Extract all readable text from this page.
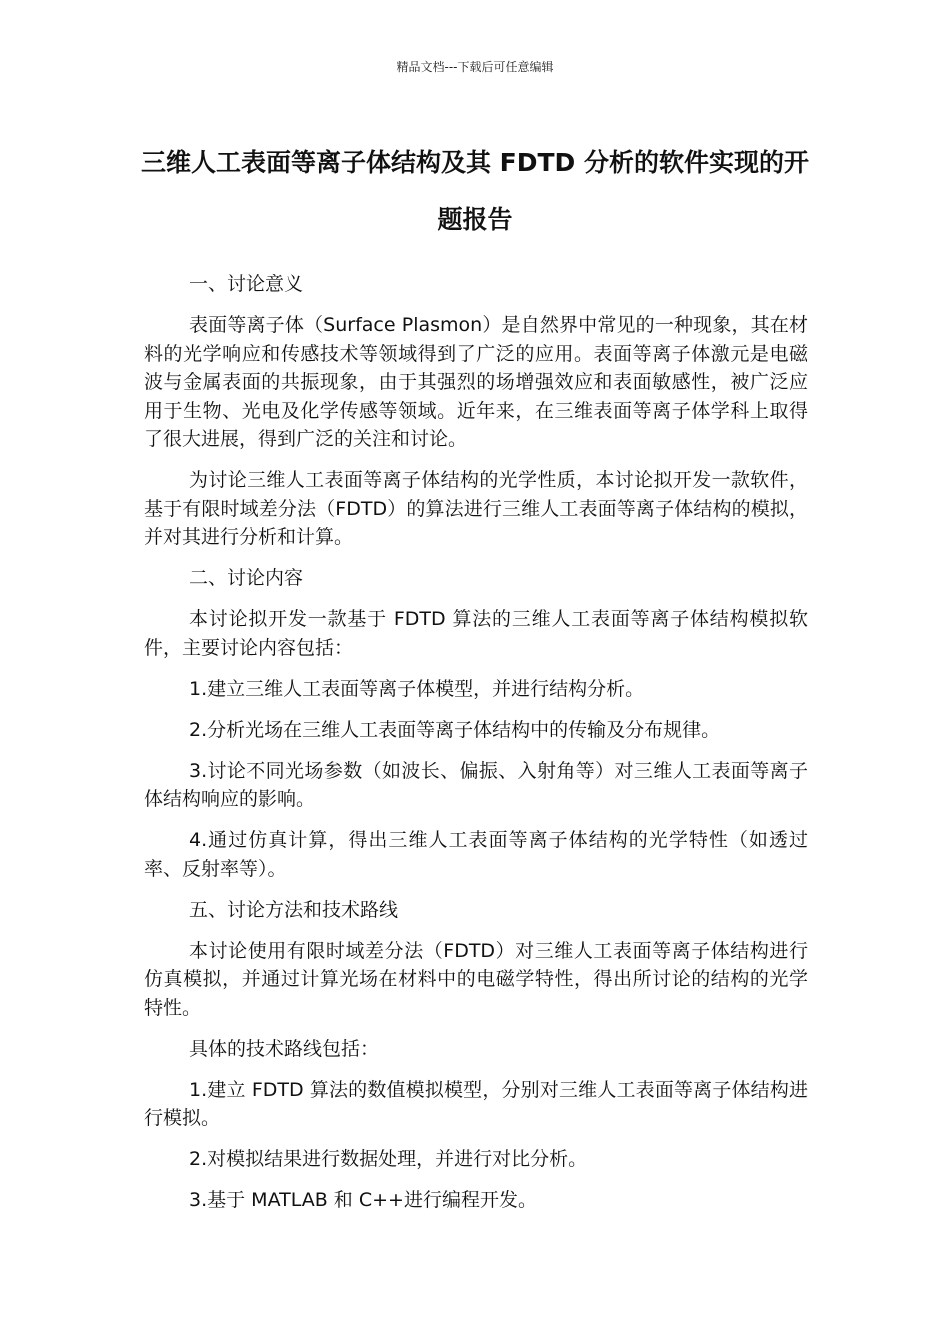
精品文档---下载后可任意编辑
三维人工表面等离子体结构及其 FDTD 分析的软件实现的开题报告

一、讨论意义

表面等离子体（Surface Plasmon）是自然界中常见的一种现象，其在材料的光学响应和传感技术等领域得到了广泛的应用。表面等离子体激元是电磁波与金属表面的共振现象，由于其强烈的场增强效应和表面敏感性，被广泛应用于生物、光电及化学传感等领域。近年来，在三维表面等离子体学科上取得了很大进展，得到广泛的关注和讨论。

为讨论三维人工表面等离子体结构的光学性质，本讨论拟开发一款软件，基于有限时域差分法（FDTD）的算法进行三维人工表面等离子体结构的模拟，并对其进行分析和计算。

二、讨论内容

本讨论拟开发一款基于 FDTD 算法的三维人工表面等离子体结构模拟软件，主要讨论内容包括：

1.建立三维人工表面等离子体模型，并进行结构分析。

2.分析光场在三维人工表面等离子体结构中的传输及分布规律。

3.讨论不同光场参数（如波长、偏振、入射角等）对三维人工表面等离子体结构响应的影响。

4.通过仿真计算，得出三维人工表面等离子体结构的光学特性（如透过率、反射率等）。

五、讨论方法和技术路线

本讨论使用有限时域差分法（FDTD）对三维人工表面等离子体结构进行仿真模拟，并通过计算光场在材料中的电磁学特性，得出所讨论的结构的光学特性。

具体的技术路线包括：

1.建立 FDTD 算法的数值模拟模型，分别对三维人工表面等离子体结构进行模拟。

2.对模拟结果进行数据处理，并进行对比分析。

3.基于 MATLAB 和 C++进行编程开发。
